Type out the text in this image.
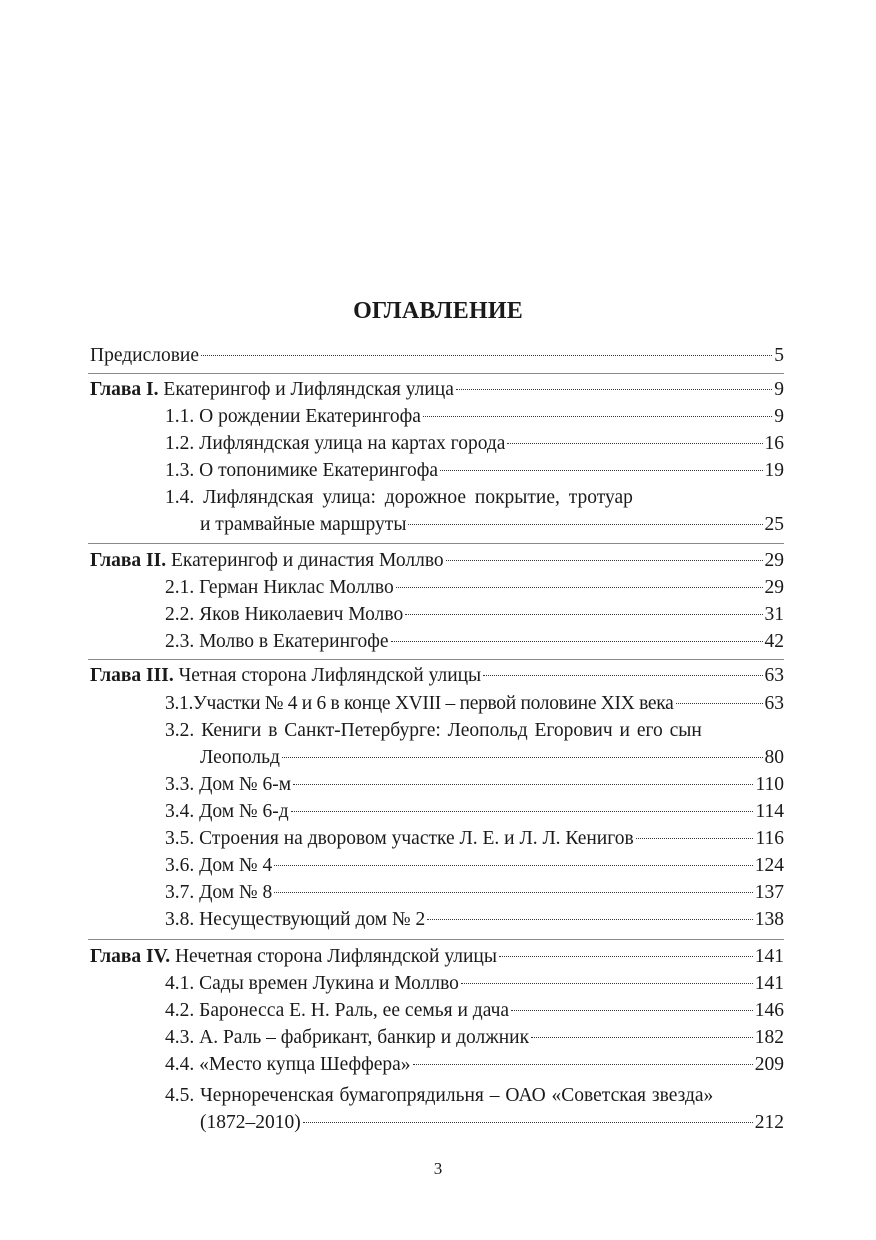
ОГЛАВЛЕНИЕ
Предисловие	5
Глава I. Екатерингоф и Лифляндская улица	9
1.1. О рождении Екатерингофа	9
1.2. Лифляндская улица на картах города	16
1.3. О топонимике Екатерингофа	19
1.4. Лифляндская улица: дорожное покрытие, тротуар
и трамвайные маршруты	25
Глава II. Екатерингоф и династия Моллво	29
2.1. Герман Никлас Моллво	29
2.2. Яков Николаевич Молво	31
2.3. Молво в Екатерингофе	42
Глава III. Четная сторона Лифляндской улицы	63
3.1.Участки № 4 и 6 в конце XVIII – первой половине XIX века	63
3.2. Кениги в Санкт-Петербурге: Леопольд Егорович и его сын
Леопольд	80
3.3. Дом № 6-м	110
3.4. Дом № 6-д	114
3.5. Строения на дворовом участке Л. Е. и Л. Л. Кенигов	116
3.6. Дом № 4	124
3.7. Дом № 8	137
3.8. Несуществующий дом № 2	138
Глава IV. Нечетная сторона Лифляндской улицы	141
4.1. Сады времен Лукина и Моллво	141
4.2. Баронесса Е. Н. Раль, ее семья и дача	146
4.3. А. Раль – фабрикант, банкир и должник	182
4.4. «Место купца Шеффера»	209
4.5. Чернореченская бумагопрядильня – ОАО «Советская звезда»
(1872–2010)	212
3
